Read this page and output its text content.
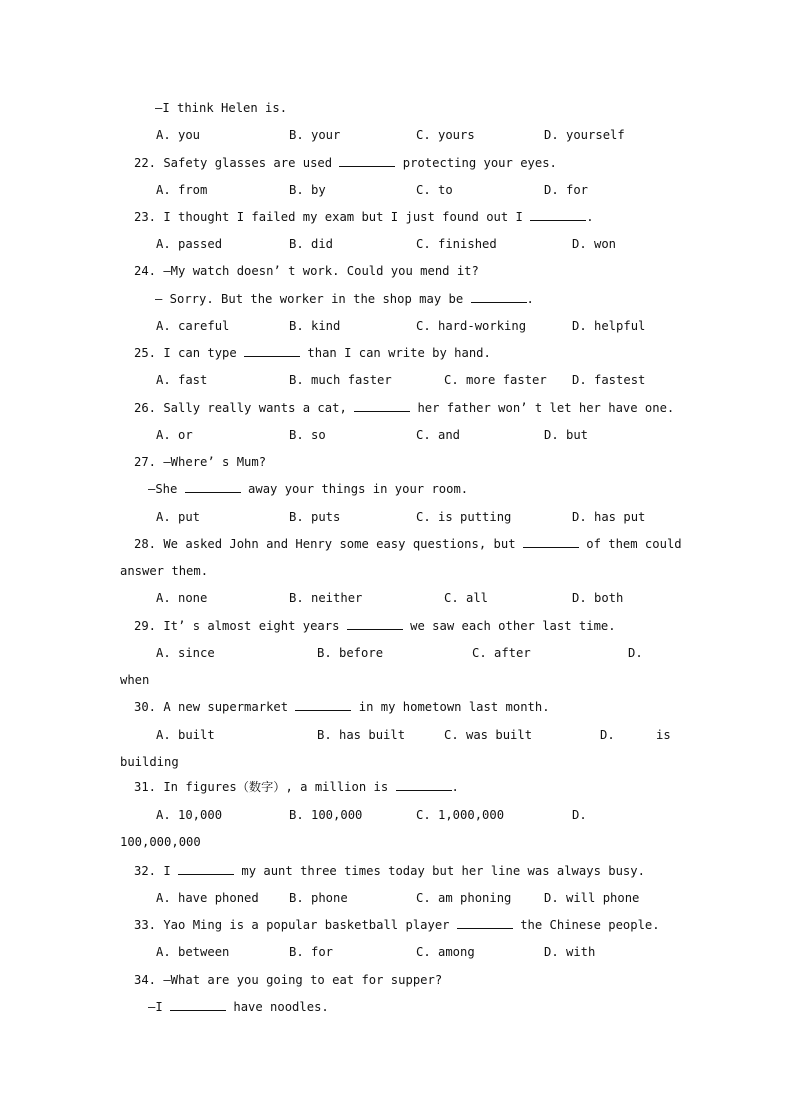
—I think Helen is.
A. you	B. your	C. yours	D. yourself
22. Safety glasses are used	protecting your eyes.
A. from	B. by	C. to	D. for
23. I thought I failed my exam but I just found out I	.
A. passed	B. did	C. finished	D. won
24. —My watch doesn’ t work. Could you mend it?
— Sorry. But the worker in the shop may be	.
A. careful	B. kind	C. hard-working	D. helpful
25. I can type	than I can write by hand.
A. fast	B. much faster	C. more faster D. fastest
26. Sally really wants a cat,	her father won’ t let her have one.
A. or	B. so	C. and	D. but
27. —Where’ s Mum?
—She	away your things in your room.
A. put	B. puts	C. is putting	D. has put
28. We asked John and Henry some easy questions, but	of them could
answer them.
A. none	B. neither	C. all	D. both
29. It’ s almost eight years	we saw each other last time.
A. since	B. before	C. after	D.
when
30. A new supermarket	in my hometown last month.
A. built	B. has built	C. was built	D.	is
building
31. In figures（数字）, a million is	.
A. 10,000	B. 100,000	C. 1,000,000	D.
100,000,000
32. I	my aunt three times today but her line was always busy.
A. have phoned B. phone	C. am phoning	D. will phone
33. Yao Ming is a popular basketball player	the Chinese people.
A. between	B. for	C. among	D. with
34. —What are you going to eat for supper?
—I	have noodles.
